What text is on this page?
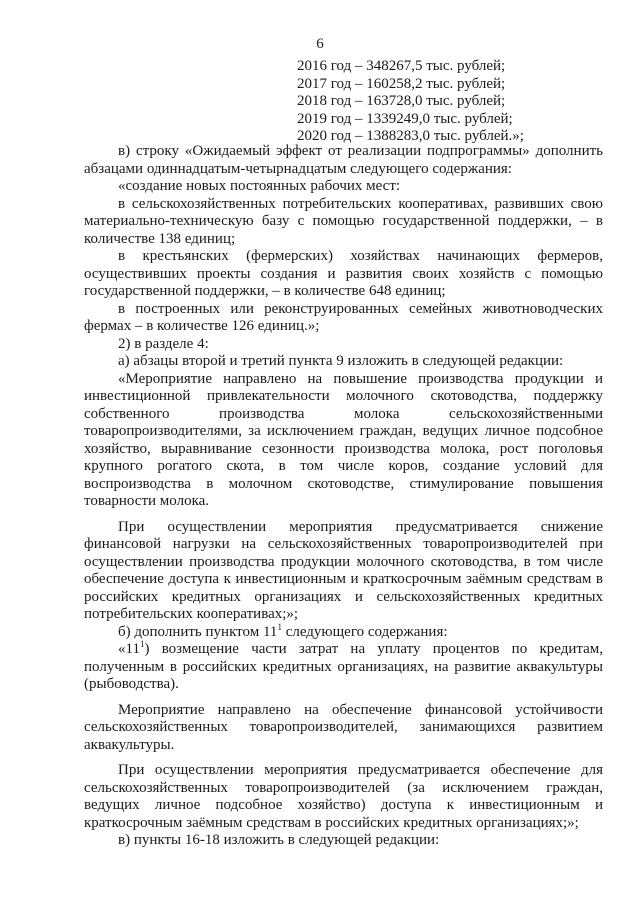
6
2016 год – 348267,5 тыс. рублей;
2017 год – 160258,2 тыс. рублей;
2018 год – 163728,0 тыс. рублей;
2019 год – 1339249,0 тыс. рублей;
2020 год – 1388283,0 тыс. рублей.»;

в) строку «Ожидаемый эффект от реализации подпрограммы» дополнить абзацами одиннадцатым-четырнадцатым следующего содержания:

«создание новых постоянных рабочих мест:

в сельскохозяйственных потребительских кооперативах, развивших свою материально-техническую базу с помощью государственной поддержки, – в количестве 138 единиц;

в крестьянских (фермерских) хозяйствах начинающих фермеров, осуществивших проекты создания и развития своих хозяйств с помощью государственной поддержки, – в количестве 648 единиц;

в построенных или реконструированных семейных животноводческих фермах – в количестве 126 единиц.»;

2) в разделе 4:

а) абзацы второй и третий пункта 9 изложить в следующей редакции:

«Мероприятие направлено на повышение производства продукции и инвестиционной привлекательности молочного скотоводства, поддержку собственного производства молока сельскохозяйственными товаропроизводителями, за исключением граждан, ведущих личное подсобное хозяйство, выравнивание сезонности производства молока, рост поголовья крупного рогатого скота, в том числе коров, создание условий для воспроизводства в молочном скотоводстве, стимулирование повышения товарности молока.

При осуществлении мероприятия предусматривается снижение финансовой нагрузки на сельскохозяйственных товаропроизводителей при осуществлении производства продукции молочного скотоводства, в том числе обеспечение доступа к инвестиционным и краткосрочным заёмным средствам в российских кредитных организациях и сельскохозяйственных кредитных потребительских кооперативах;»;

б) дополнить пунктом $11^1$ следующего содержания:

«$11^1$) возмещение части затрат на уплату процентов по кредитам, полученным в российских кредитных организациях, на развитие аквакультуры (рыбоводства).

Мероприятие направлено на обеспечение финансовой устойчивости сельскохозяйственных товаропроизводителей, занимающихся развитием аквакультуры.

При осуществлении мероприятия предусматривается обеспечение для сельскохозяйственных товаропроизводителей (за исключением граждан, ведущих личное подсобное хозяйство) доступа к инвестиционным и краткосрочным заёмным средствам в российских кредитных организациях;»;

в) пункты 16-18 изложить в следующей редакции:
